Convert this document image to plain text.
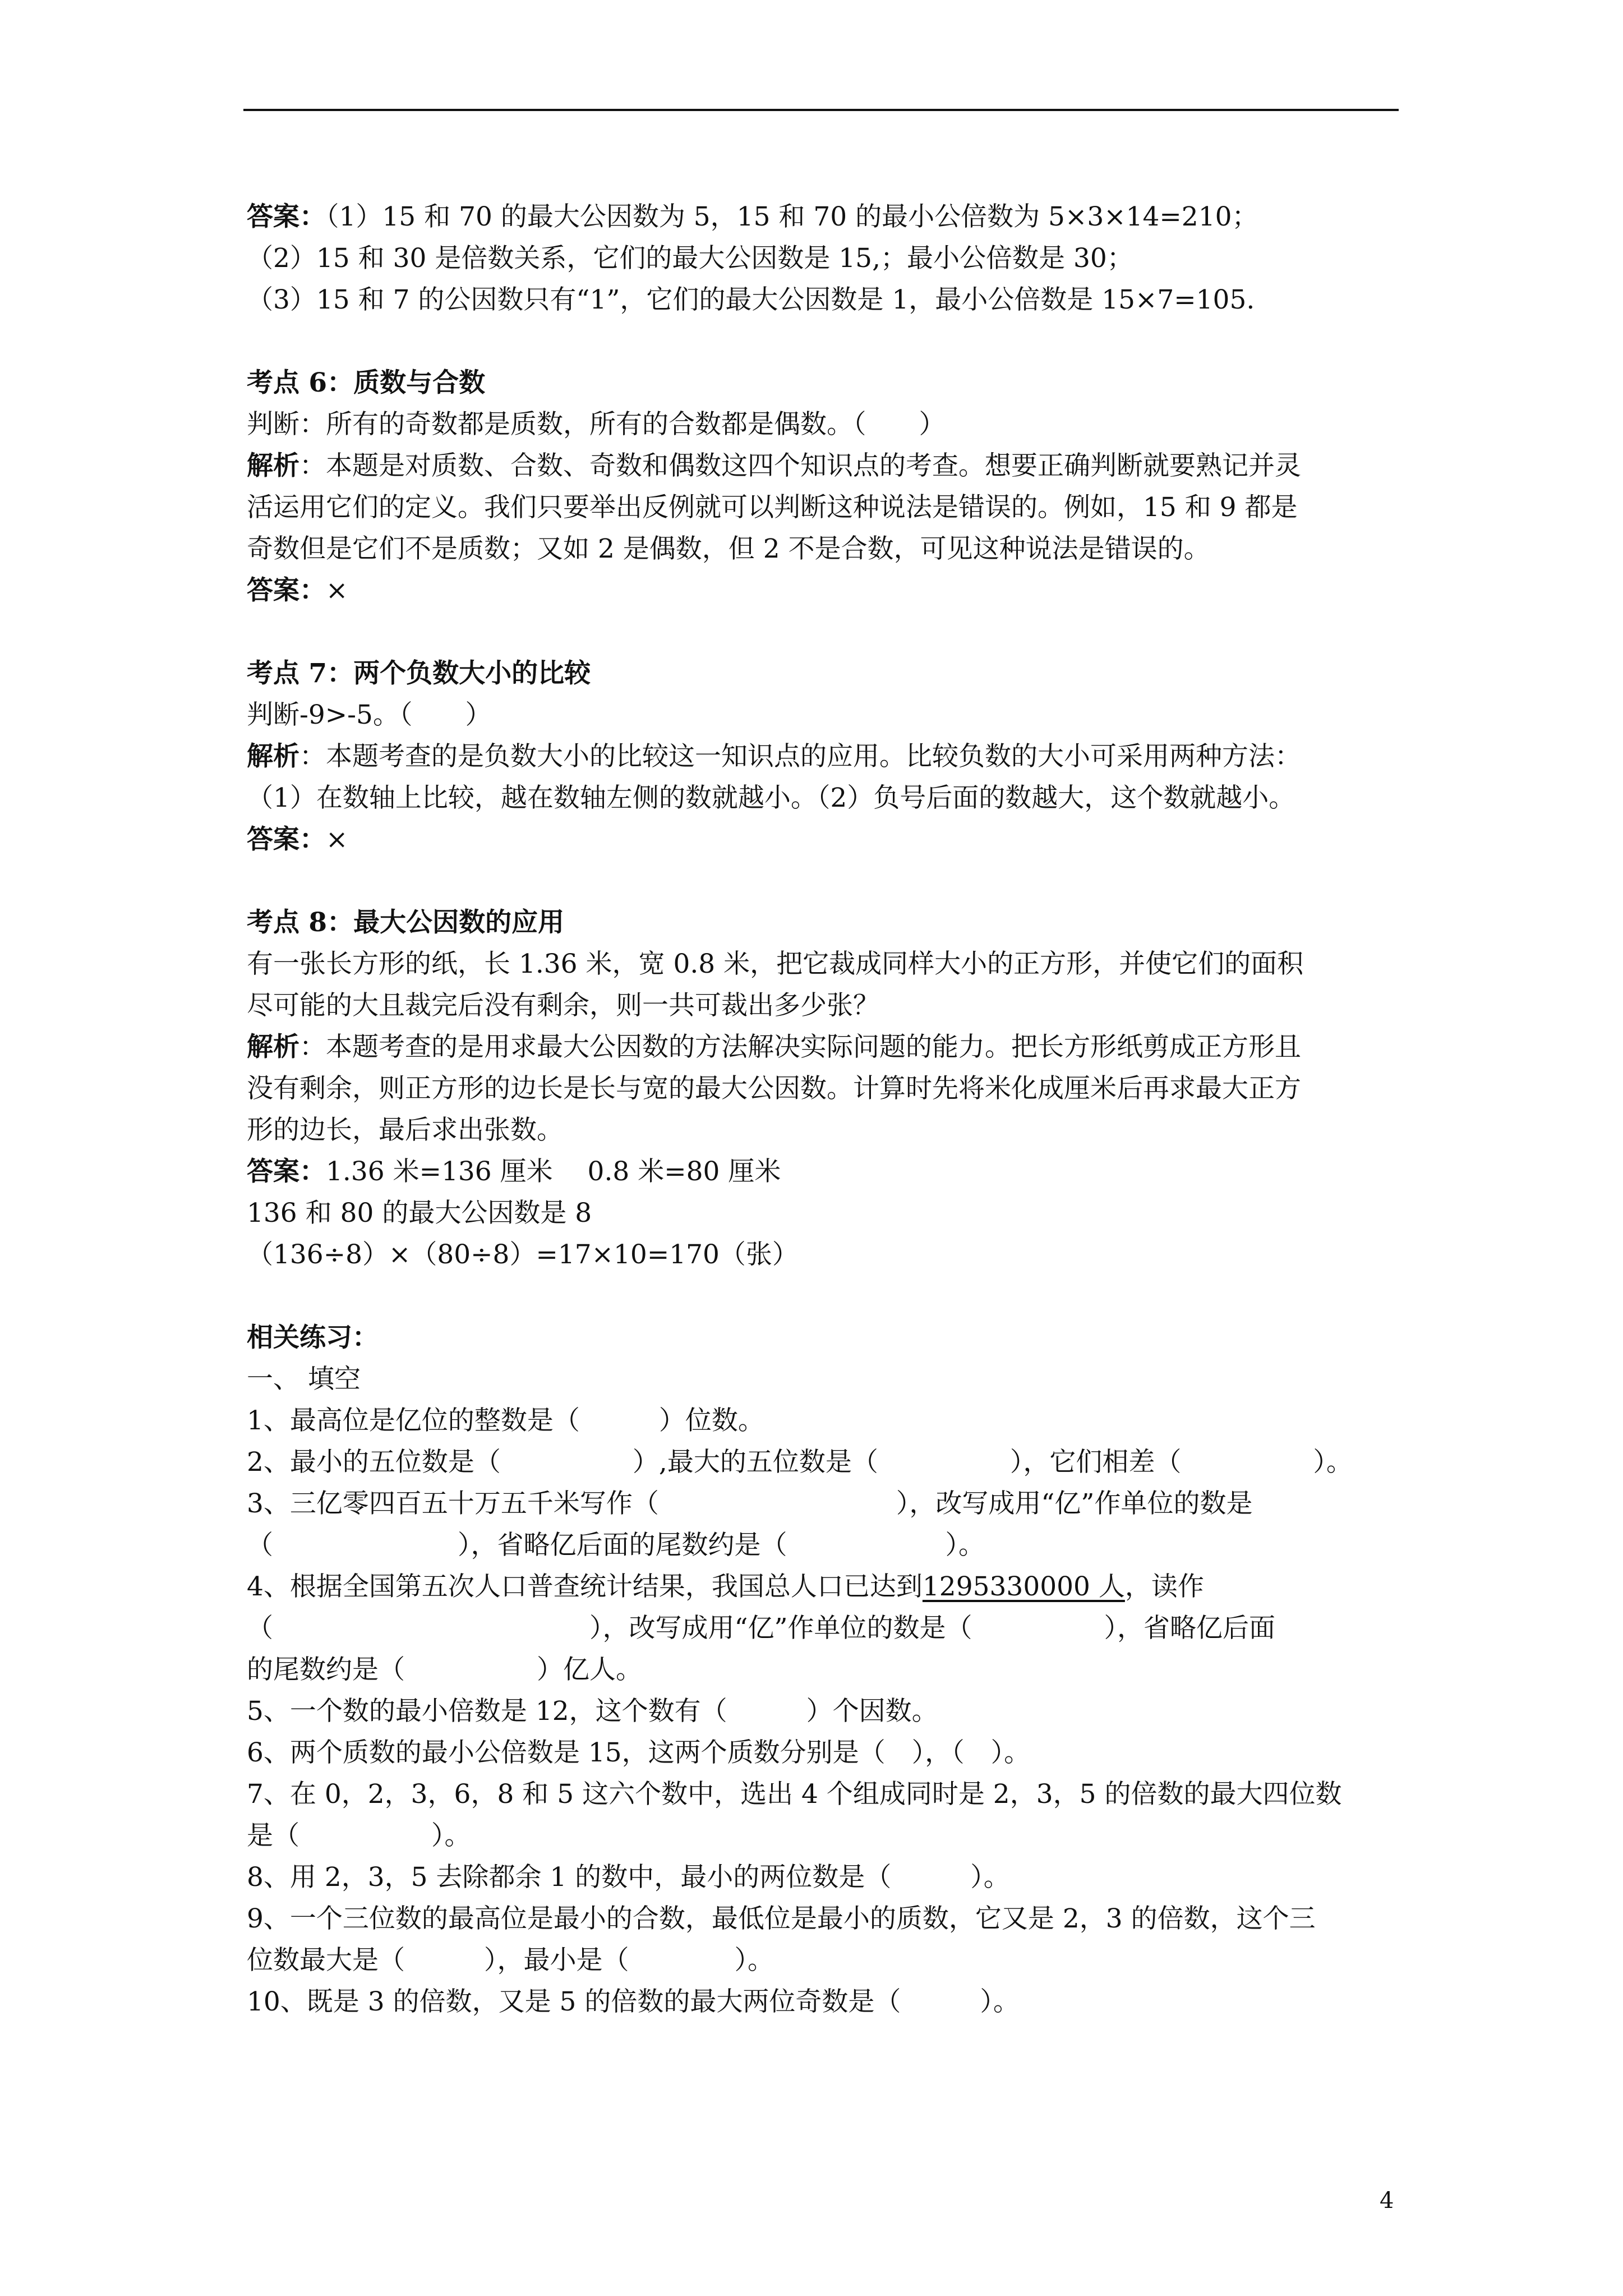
答案：（1）15 和 70 的最大公因数为 5，15 和 70 的最小公倍数为 5×3×14=210；

（2）15 和 30 是倍数关系，它们的最大公因数是 15,；最小公倍数是 30；

（3）15 和 7 的公因数只有“1”，它们的最大公因数是 1，最小公倍数是 15×7=105.

考点 6：质数与合数

判断：所有的奇数都是质数，所有的合数都是偶数。（　　）

解析：本题是对质数、合数、奇数和偶数这四个知识点的考查。想要正确判断就要熟记并灵

活运用它们的定义。我们只要举出反例就可以判断这种说法是错误的。例如，15 和 9 都是

奇数但是它们不是质数；又如 2 是偶数，但 2 不是合数，可见这种说法是错误的。

答案：×

考点 7：两个负数大小的比较

判断-9>-5。（　　）

解析：本题考查的是负数大小的比较这一知识点的应用。比较负数的大小可采用两种方法：

（1）在数轴上比较，越在数轴左侧的数就越小。（2）负号后面的数越大，这个数就越小。

答案：×

考点 8：最大公因数的应用

有一张长方形的纸，长 1.36 米，宽 0.8 米，把它裁成同样大小的正方形，并使它们的面积

尽可能的大且裁完后没有剩余，则一共可裁出多少张？

解析：本题考查的是用求最大公因数的方法解决实际问题的能力。把长方形纸剪成正方形且

没有剩余，则正方形的边长是长与宽的最大公因数。计算时先将米化成厘米后再求最大正方

形的边长，最后求出张数。

答案：1.36 米=136 厘米　 0.8 米=80 厘米

136 和 80 的最大公因数是 8

（136÷8）×（80÷8）=17×10=170（张）

相关练习：

一、 填空

1、最高位是亿位的整数是（　　　）位数。

2、最小的五位数是（　　　　　）,最大的五位数是（　　　　　），它们相差（　　　　　）。

3、三亿零四百五十万五千米写作（　　　　　　　　　），改写成用“亿”作单位的数是

（　　　　　　　），省略亿后面的尾数约是（　　　　　　）。

4、根据全国第五次人口普查统计结果，我国总人口已达到1295330000 人，读作

（　　　　　　　　　　　　），改写成用“亿”作单位的数是（　　　　　），省略亿后面

的尾数约是（　　　　　）亿人。

5、一个数的最小倍数是 12，这个数有（　　　）个因数。

6、两个质数的最小公倍数是 15，这两个质数分别是（　），（　）。

7、在 0，2，3，6，8 和 5 这六个数中，选出 4 个组成同时是 2，3，5 的倍数的最大四位数

是（　　　　　）。

8、用 2，3，5 去除都余 1 的数中，最小的两位数是（　　　）。

9、一个三位数的最高位是最小的合数，最低位是最小的质数，它又是 2，3 的倍数，这个三

位数最大是（　　　），最小是（　　　　）。

10、既是 3 的倍数，又是 5 的倍数的最大两位奇数是（　　　）。

4
